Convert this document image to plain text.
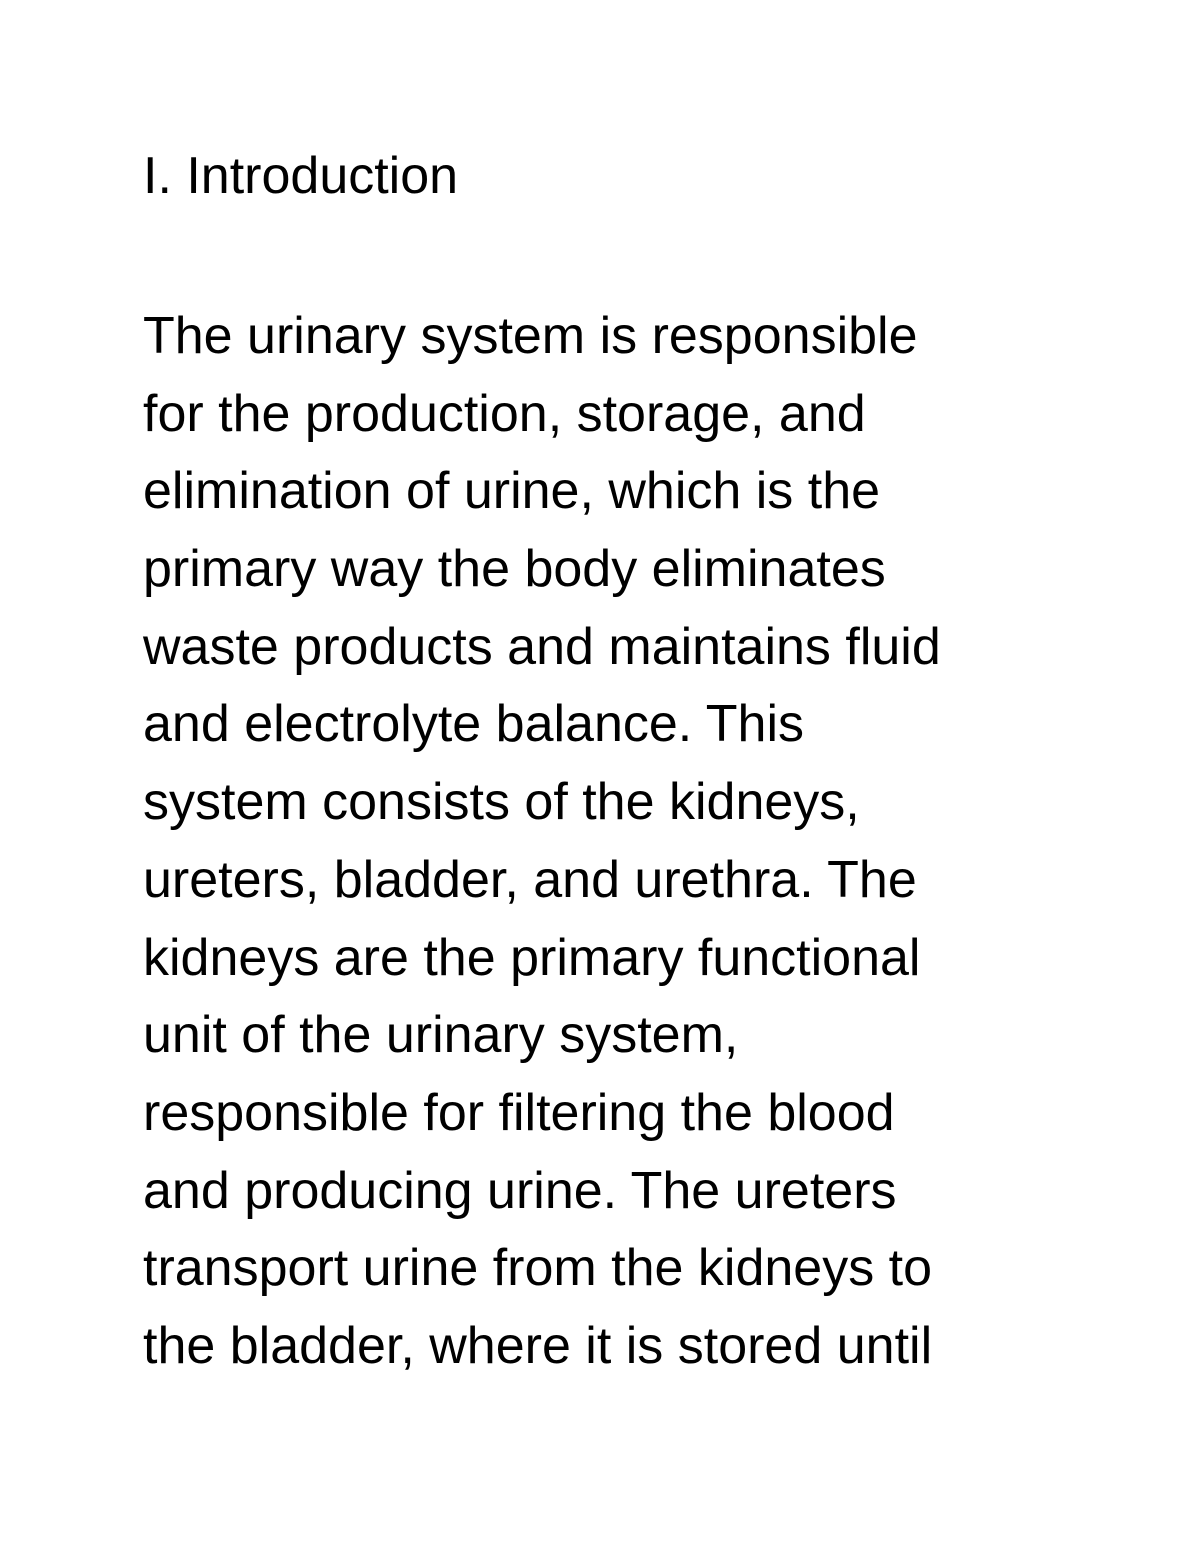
I. Introduction
The urinary system is responsible
for the production, storage, and
elimination of urine, which is the
primary way the body eliminates
waste products and maintains fluid
and electrolyte balance. This
system consists of the kidneys,
ureters, bladder, and urethra. The
kidneys are the primary functional
unit of the urinary system,
responsible for filtering the blood
and producing urine. The ureters
transport urine from the kidneys to
the bladder, where it is stored until
